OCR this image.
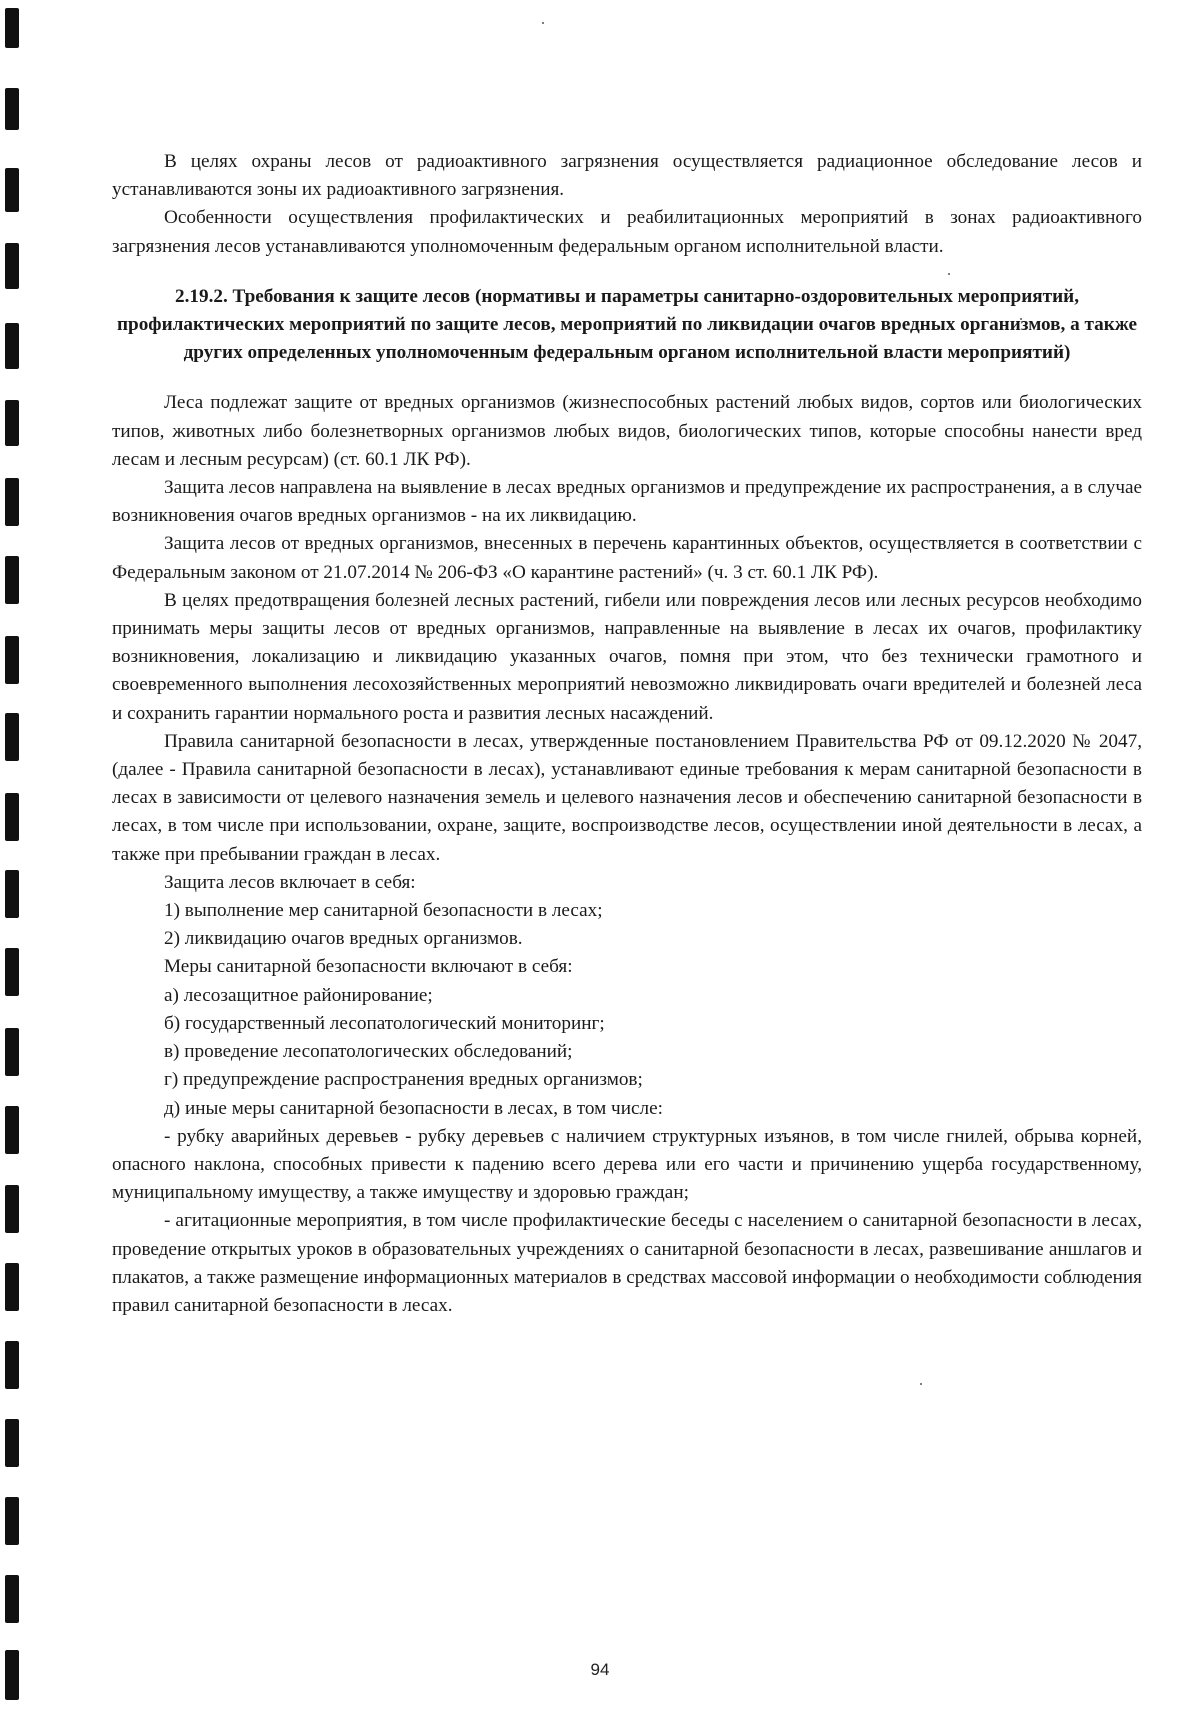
В целях охраны лесов от радиоактивного загрязнения осуществляется радиационное обследование лесов и устанавливаются зоны их радиоактивного загрязнения.

Особенности осуществления профилактических и реабилитационных мероприятий в зонах радиоактивного загрязнения лесов устанавливаются уполномоченным федеральным органом исполнительной власти.

2.19.2. Требования к защите лесов (нормативы и параметры санитарно-оздоровительных мероприятий, профилактических мероприятий по защите лесов, мероприятий по ликвидации очагов вредных организмов, а также других определенных уполномоченным федеральным органом исполнительной власти мероприятий)

Леса подлежат защите от вредных организмов (жизнеспособных растений любых видов, сортов или биологических типов, животных либо болезнетворных организмов любых видов, биологических типов, которые способны нанести вред лесам и лесным ресурсам) (ст. 60.1 ЛК РФ).

Защита лесов направлена на выявление в лесах вредных организмов и предупреждение их распространения, а в случае возникновения очагов вредных организмов - на их ликвидацию.

Защита лесов от вредных организмов, внесенных в перечень карантинных объектов, осуществляется в соответствии с Федеральным законом от 21.07.2014 № 206-ФЗ «О карантине растений» (ч. 3 ст. 60.1 ЛК РФ).

В целях предотвращения болезней лесных растений, гибели или повреждения лесов или лесных ресурсов необходимо принимать меры защиты лесов от вредных организмов, направленные на выявление в лесах их очагов, профилактику возникновения, локализацию и ликвидацию указанных очагов, помня при этом, что без технически грамотного и своевременного выполнения лесохозяйственных мероприятий невозможно ликвидировать очаги вредителей и болезней леса и сохранить гарантии нормального роста и развития лесных насаждений.

Правила санитарной безопасности в лесах, утвержденные постановлением Правительства РФ от 09.12.2020 № 2047, (далее - Правила санитарной безопасности в лесах), устанавливают единые требования к мерам санитарной безопасности в лесах в зависимости от целевого назначения земель и целевого назначения лесов и обеспечению санитарной безопасности в лесах, в том числе при использовании, охране, защите, воспроизводстве лесов, осуществлении иной деятельности в лесах, а также при пребывании граждан в лесах.

Защита лесов включает в себя:

1) выполнение мер санитарной безопасности в лесах;

2) ликвидацию очагов вредных организмов.

Меры санитарной безопасности включают в себя:

а) лесозащитное районирование;

б) государственный лесопатологический мониторинг;

в) проведение лесопатологических обследований;

г) предупреждение распространения вредных организмов;

д) иные меры санитарной безопасности в лесах, в том числе:

- рубку аварийных деревьев - рубку деревьев с наличием структурных изъянов, в том числе гнилей, обрыва корней, опасного наклона, способных привести к падению всего дерева или его части и причинению ущерба государственному, муниципальному имуществу, а также имуществу и здоровью граждан;

- агитационные мероприятия, в том числе профилактические беседы с населением о санитарной безопасности в лесах, проведение открытых уроков в образовательных учреждениях о санитарной безопасности в лесах, развешивание аншлагов и плакатов, а также размещение информационных материалов в средствах массовой информации о необходимости соблюдения правил санитарной безопасности в лесах.

94
